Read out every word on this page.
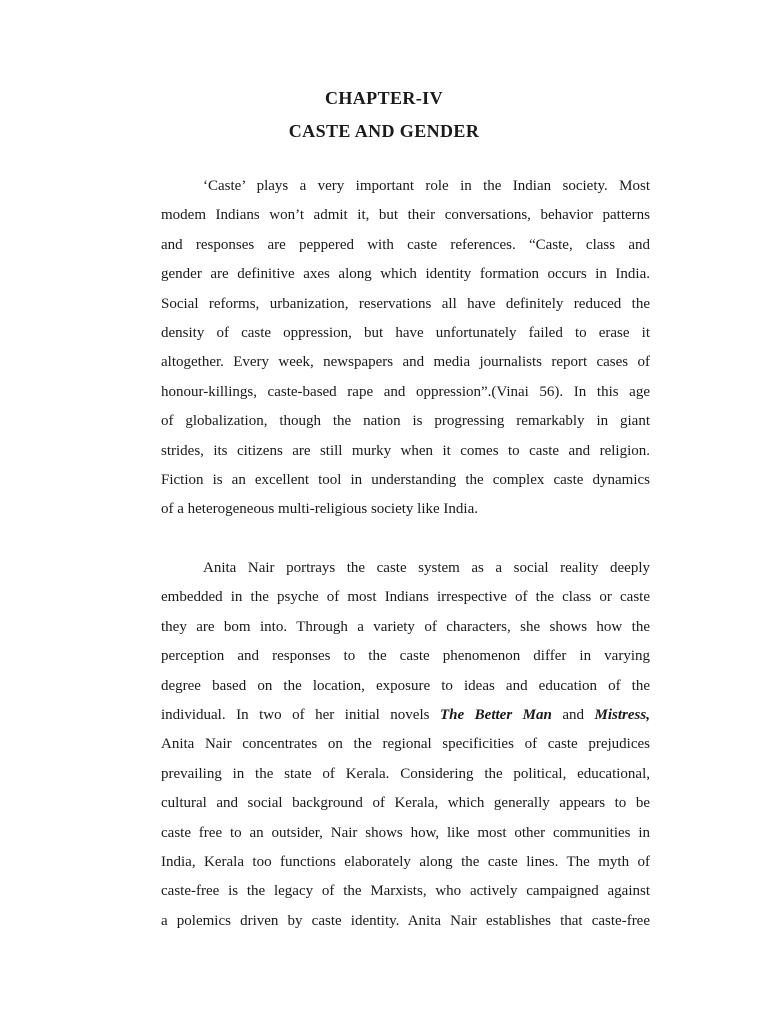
CHAPTER-IV
CASTE AND GENDER
‘Caste’ plays a very important role in the Indian society. Most
modem Indians won’t admit it, but their conversations, behavior patterns
and responses are peppered with caste references. “Caste, class and
gender are definitive axes along which identity formation occurs in India.
Social reforms, urbanization, reservations all have definitely reduced the
density of caste oppression, but have unfortunately failed to erase it
altogether. Every week, newspapers and media journalists report cases of
honour-killings, caste-based rape and oppression”.(Vinai 56). In this age
of globalization, though the nation is progressing remarkably in giant
strides, its citizens are still murky when it comes to caste and religion.
Fiction is an excellent tool in understanding the complex caste dynamics
of a heterogeneous multi-religious society like India.
Anita Nair portrays the caste system as a social reality deeply
embedded in the psyche of most Indians irrespective of the class or caste
they are bom into. Through a variety of characters, she shows how the
perception and responses to the caste phenomenon differ in varying
degree based on the location, exposure to ideas and education of the
individual. In two of her initial novels The Better Man and Mistress,
Anita Nair concentrates on the regional specificities of caste prejudices
prevailing in the state of Kerala. Considering the political, educational,
cultural and social background of Kerala, which generally appears to be
caste free to an outsider, Nair shows how, like most other communities in
India, Kerala too functions elaborately along the caste lines. The myth of
caste-free is the legacy of the Marxists, who actively campaigned against
a polemics driven by caste identity. Anita Nair establishes that caste-free
